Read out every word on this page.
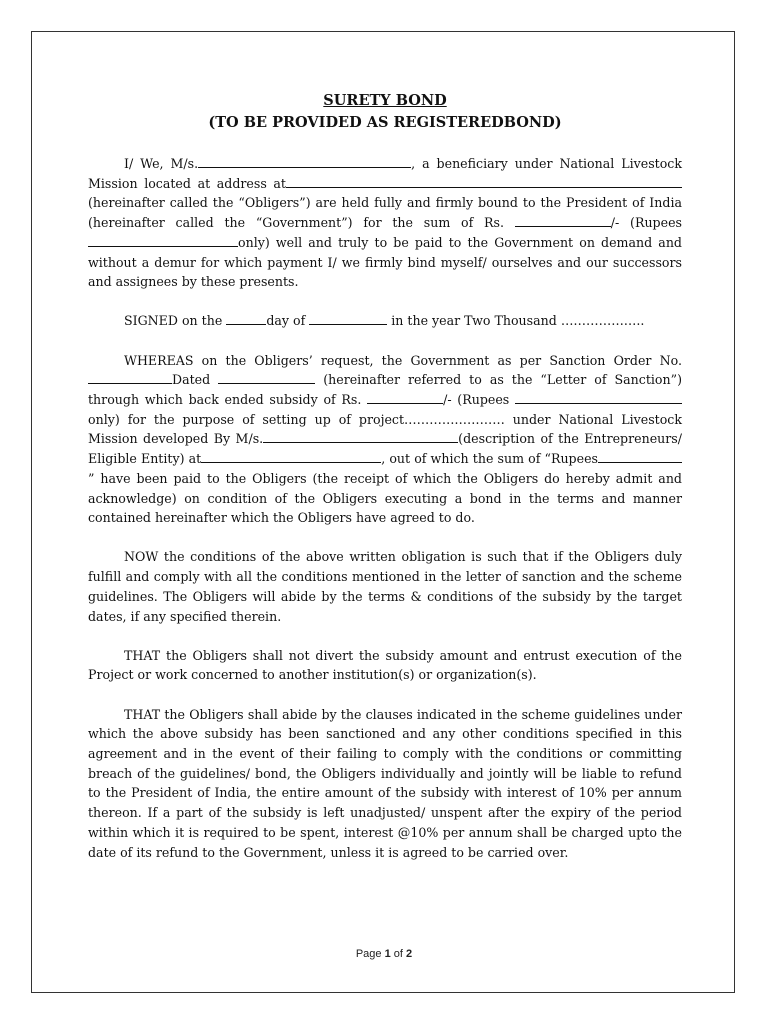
SURETY BOND
(TO BE PROVIDED AS REGISTEREDBOND)

I/ We, M/s.	, a beneficiary under National Livestock Mission located at address at (hereinafter called the “Obligers”) are held fully and firmly bound to the President of India (hereinafter called the “Government”) for the sum of Rs.	/- (Rupees only) well and truly to be paid to the Government on demand and without a demur for which payment I/ we firmly bind myself/ ourselves and our successors and assignees by these presents.

SIGNED on the	day of	in the year Two Thousand ………………..

WHEREAS on the Obligers’ request, the Government as per Sanction Order No. Dated	(hereinafter referred to as the “Letter of Sanction”) through which back ended subsidy of Rs.	/- (Rupees only) for the purpose of setting up of project…………………… under National Livestock Mission developed By M/s.	(description of the Entrepreneurs/ Eligible Entity) at	, out of which the sum of “Rupees” have been paid to the Obligers (the receipt of which the Obligers do hereby admit and acknowledge) on condition of the Obligers executing a bond in the terms and manner contained hereinafter which the Obligers have agreed to do.

NOW the conditions of the above written obligation is such that if the Obligers duly fulfill and comply with all the conditions mentioned in the letter of sanction and the scheme guidelines. The Obligers will abide by the terms & conditions of the subsidy by the target dates, if any specified therein.

THAT the Obligers shall not divert the subsidy amount and entrust execution of the Project or work concerned to another institution(s) or organization(s).

THAT the Obligers shall abide by the clauses indicated in the scheme guidelines under which the above subsidy has been sanctioned and any other conditions specified in this agreement and in the event of their failing to comply with the conditions or committing breach of the guidelines/ bond, the Obligers individually and jointly will be liable to refund to the President of India, the entire amount of the subsidy with interest of 10% per annum thereon. If a part of the subsidy is left unadjusted/ unspent after the expiry of the period within which it is required to be spent, interest @10% per annum shall be charged upto the date of its refund to the Government, unless it is agreed to be carried over.

Page 1 of 2
